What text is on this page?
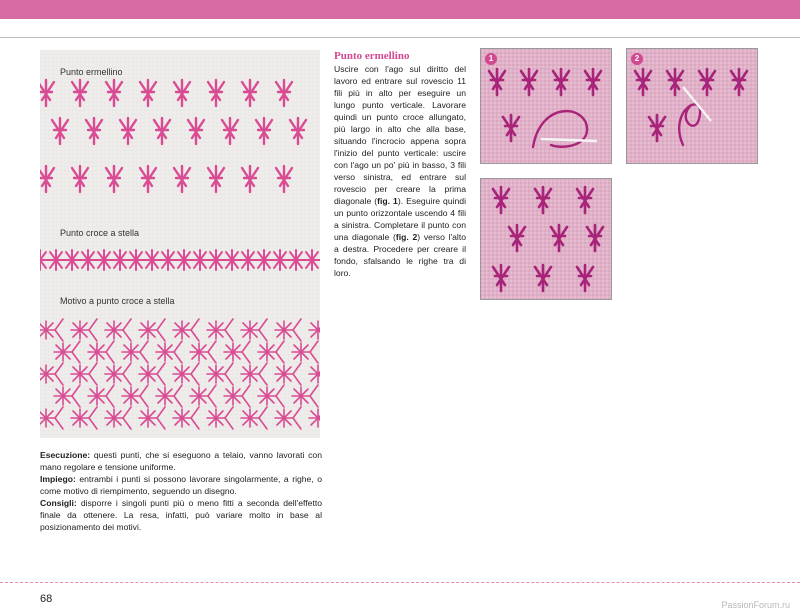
Punto ermellino
Punto croce a stella
Motivo a punto croce a stella

Esecuzione: questi punti, che si eseguono a telaio, vanno lavorati con mano regolare e tensione uniforme.

Impiego: entrambi i punti si possono lavorare singolarmente, a righe, o come motivo di riempimento, seguendo un disegno.

Consigli: disporre i singoli punti più o meno fitti a seconda dell'effetto finale da ottenere. La resa, infatti, può variare molto in base al posizionamento dei motivi.

Punto ermellino
Uscire con l'ago sul diritto del lavoro ed entrare sul rovescio 11 fili più in alto per eseguire un lungo punto verticale. Lavorare quindi un punto croce allungato, più largo in alto che alla base, situando l'incrocio appena sopra l'inizio del punto verticale: uscire con l'ago un po' più in basso, 3 fili verso sinistra, ed entrare sul rovescio per creare la prima diagonale (fig. 1). Eseguire quindi un punto orizzontale uscendo 4 fili a sinistra. Completare il punto con una diagonale (fig. 2) verso l'alto a destra. Procedere per creare il fondo, sfalsando le righe tra di loro.
1	2
68	PassionForum.ru
